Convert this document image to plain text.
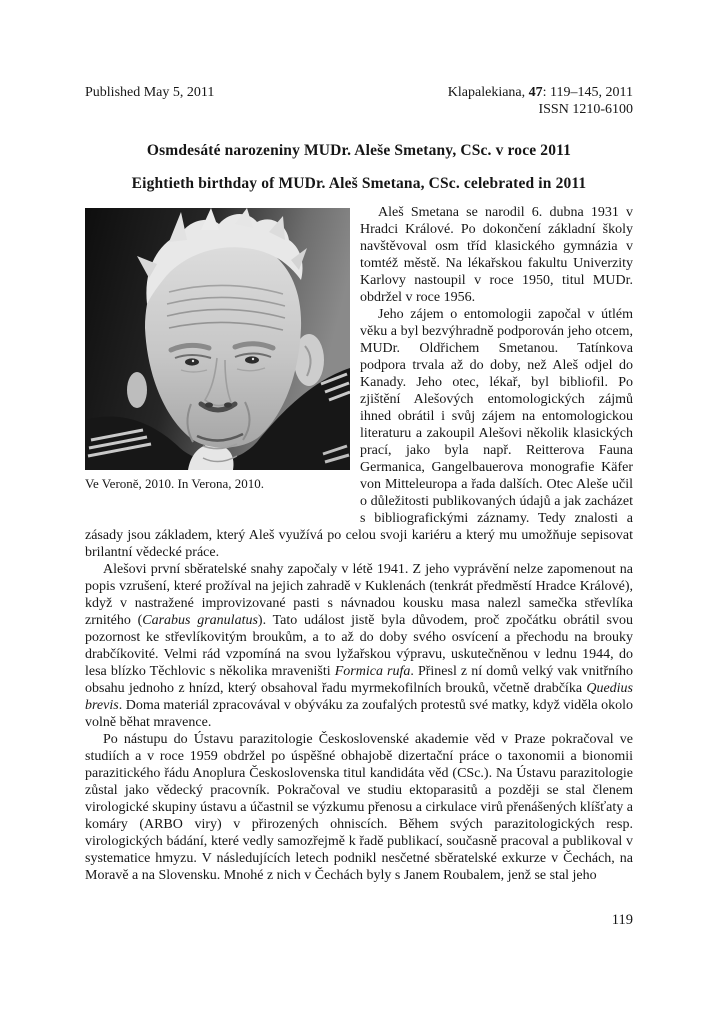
Published May 5, 2011	Klapalekiana, 47: 119–145, 2011
ISSN 1210-6100
Osmdesáté narozeniny MUDr. Aleše Smetany, CSc. v roce 2011
Eightieth birthday of MUDr. Aleš Smetana, CSc. celebrated in 2011
Ve Veroně, 2010. In Verona, 2010.

Aleš Smetana se narodil 6. dubna 1931 v Hradci Králové. Po dokončení základní školy navštěvoval osm tříd klasického gymnázia v tomtéž městě. Na lékařskou fakultu Univerzity Karlovy nastoupil v roce 1950, titul MUDr. obdržel v roce 1956.

Jeho zájem o entomologii započal v útlém věku a byl bezvýhradně podporován jeho otcem, MUDr. Oldřichem Smetanou. Tatínkova podpora trvala až do doby, než Aleš odjel do Kanady. Jeho otec, lékař, byl bibliofil. Po zjištění Alešových entomologických zájmů ihned obrátil i svůj zájem na entomologickou literaturu a zakoupil Alešovi několik klasických prací, jako byla např. Reitterova Fauna Germanica, Gangelbauerova monografie Käfer von Mitteleuropa a řada dalších. Otec Aleše učil o důležitosti publikovaných údajů a jak zacházet s bibliografickými záznamy. Tedy znalosti a zásady jsou základem, který Aleš využívá po celou svoji kariéru a který mu umožňuje sepisovat brilantní vědecké práce.

Alešovi první sběratelské snahy započaly v létě 1941. Z jeho vyprávění nelze zapomenout na popis vzrušení, které prožíval na jejich zahradě v Kuklenách (tenkrát předměstí Hradce Králové), když v nastražené improvizované pasti s návnadou kousku masa nalezl samečka střevlíka zrnitého (Carabus granulatus). Tato událost jistě byla důvodem, proč zpočátku obrátil svou pozornost ke střevlíkovitým broukům, a to až do doby svého osvícení a přechodu na brouky drabčíkovité. Velmi rád vzpomíná na svou lyžařskou výpravu, uskutečněnou v lednu 1944, do lesa blízko Těchlovic s několika mraveništi Formica rufa. Přinesl z ní domů velký vak vnitřního obsahu jednoho z hnízd, který obsahoval řadu myrmekofilních brouků, včetně drabčíka Quedius brevis. Doma materiál zpracovával v obýváku za zoufalých protestů své matky, když viděla okolo volně běhat mravence.

Po nástupu do Ústavu parazitologie Československé akademie věd v Praze pokračoval ve studiích a v roce 1959 obdržel po úspěšné obhajobě dizertační práce o taxonomii a bionomii parazitického řádu Anoplura Československa titul kandidáta věd (CSc.). Na Ústavu parazitologie zůstal jako vědecký pracovník. Pokračoval ve studiu ektoparasitů a později se stal členem virologické skupiny ústavu a účastnil se výzkumu přenosu a cirkulace virů přenášených klíšťaty a komáry (ARBO viry) v přirozených ohniscích. Během svých parazitologických resp. virologických bádání, které vedly samozřejmě k řadě publikací, současně pracoval a publikoval v systematice hmyzu. V následujících letech podnikl nesčetné sběratelské exkurze v Čechách, na Moravě a na Slovensku. Mnohé z nich v Čechách byly s Janem Roubalem, jenž se stal jeho

119
